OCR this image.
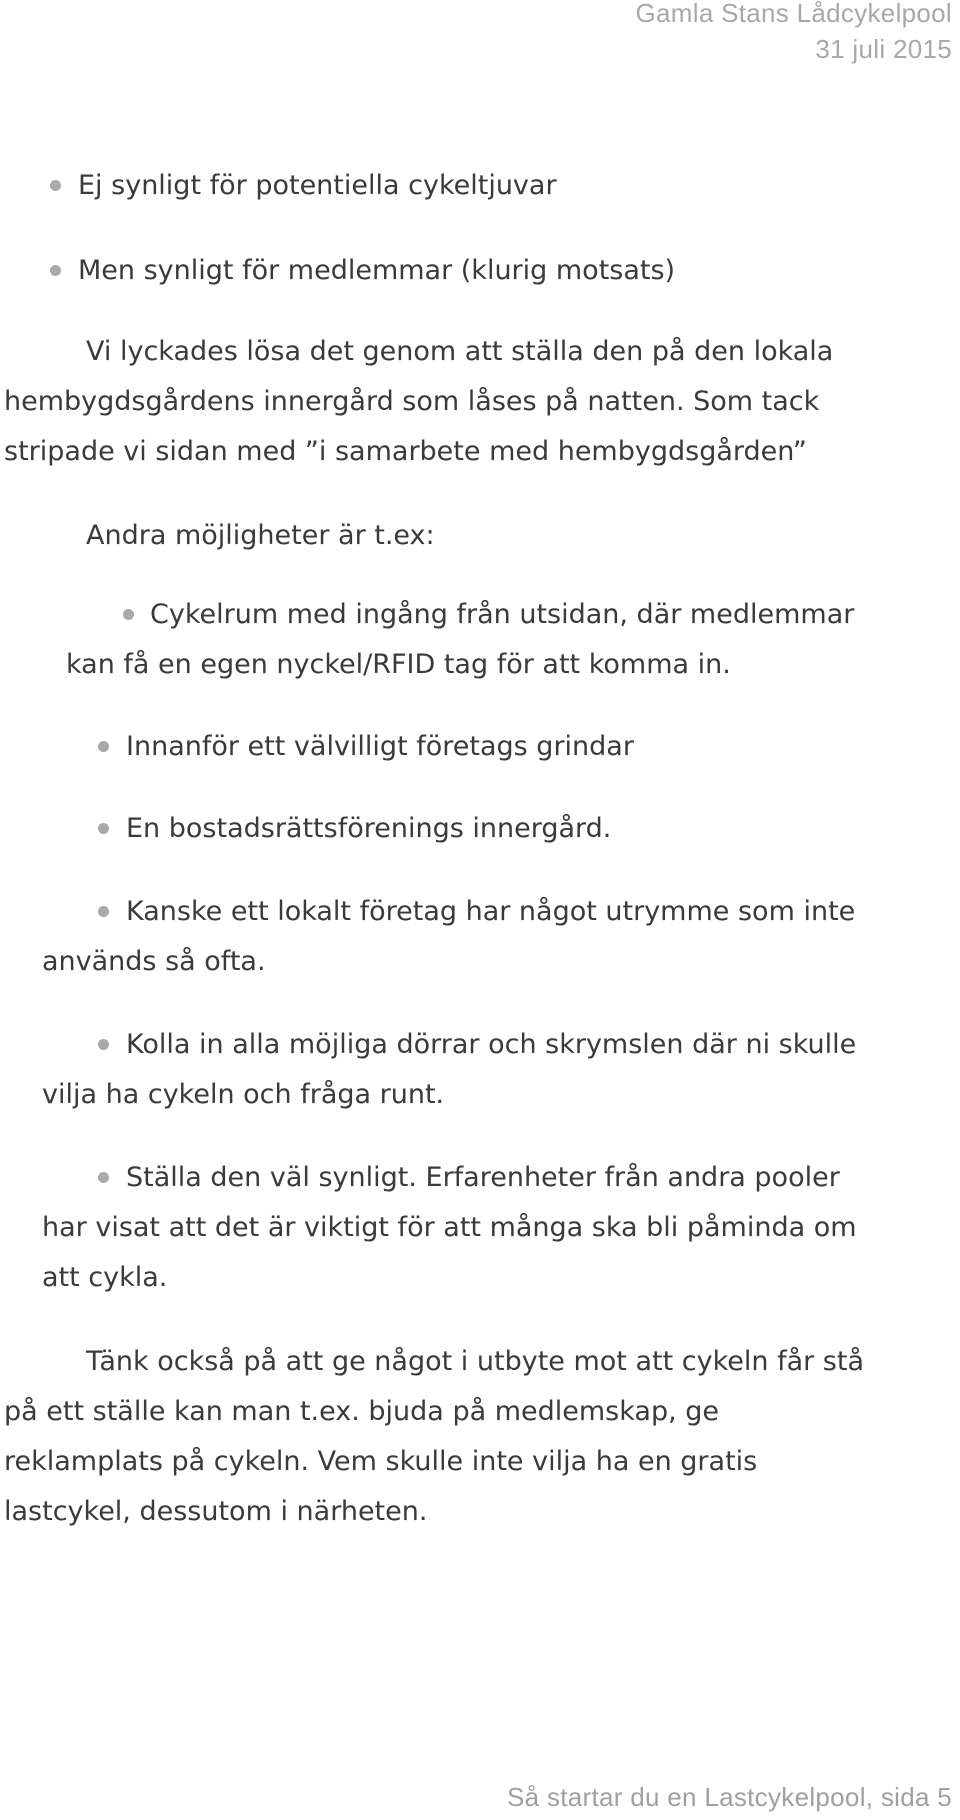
Gamla Stans Lådcykelpool
31 juli 2015
Ej synligt för potentiella cykeltjuvar
Men synligt för medlemmar (klurig motsats)
Vi lyckades lösa det genom att ställa den på den lokala
hembygdsgårdens innergård som låses på natten. Som tack
stripade vi sidan med ”i samarbete med hembygdsgården”
Andra möjligheter är t.ex:
Cykelrum med ingång från utsidan, där medlemmar
kan få en egen nyckel/RFID tag för att komma in.
Innanför ett välvilligt företags grindar
En bostadsrättsförenings innergård.
Kanske ett lokalt företag har något utrymme som inte
används så ofta.
Kolla in alla möjliga dörrar och skrymslen där ni skulle
vilja ha cykeln och fråga runt.
Ställa den väl synligt. Erfarenheter från andra pooler
har visat att det är viktigt för att många ska bli påminda om
att cykla.
Tänk också på att ge något i utbyte mot att cykeln får stå
på ett ställe kan man t.ex. bjuda på medlemskap, ge
reklamplats på cykeln. Vem skulle inte vilja ha en gratis
lastcykel, dessutom i närheten.
Så startar du en Lastcykelpool, sida 5
